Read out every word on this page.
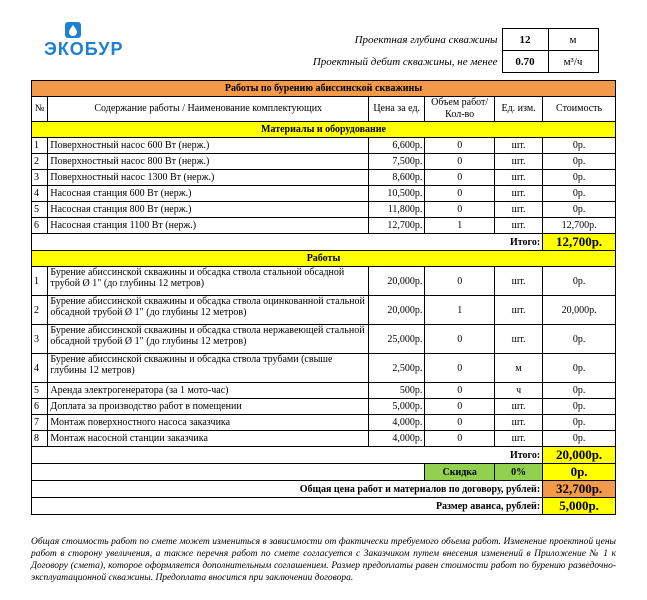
ЭКОБУР	Проектная глубина скважины	12	м
Проектный дебит скважины, не менее	0.70	м³/ч
Работы по бурению абиссинской скважины					
№	Содержание работы / Наименование комплектующих	Цена за ед.	Объем работ/ Кол-во	Ед. изм.	Стоимость
Материалы и оборудование					
1	Поверхностный насос 600 Вт (нерж.)	6,600р.	0	шт.	0р.
2	Поверхностный насос 800 Вт (нерж.)	7,500р.	0	шт.	0р.
3	Поверхностный насос 1300 Вт (нерж.)	8,600р.	0	шт.	0р.
4	Насосная станция 600 Вт (нерж.)	10,500р.	0	шт.	0р.
5	Насосная станция 800 Вт (нерж.)	11,800р.	0	шт.	0р.
6	Насосная станция 1100 Вт (нерж.)	12,700р.	1	шт.	12,700р.
Итого:					12,700р.
Работы					
1	Бурение абиссинской скважины и обсадка ствола стальной обсадной трубой Ø 1" (до глубины 12 метров)	20,000р.	0	шт.	0р.
2	Бурение абиссинской скважины и обсадка ствола оцинкованной стальной обсадной трубой Ø 1" (до глубины 12 метров)	20,000р.	1	шт.	20,000р.
3	Бурение абиссинской скважины и обсадка ствола нержавеющей стальной обсадной трубой Ø 1" (до глубины 12 метров)	25,000р.	0	шт.	0р.
4	Бурение абиссинской скважины и обсадка ствола трубами (свыше глубины 12 метров)	2,500р.	0	м	0р.
5	Аренда электрогенератора (за 1 мото-час)	500р.	0	ч	0р.
6	Доплата за производство работ в помещении	5,000р.	0	шт.	0р.
7	Монтаж поверхностного насоса заказчика	4,000р.	0	шт.	0р.
8	Монтаж насосной станции заказчика	4,000р.	0	шт.	0р.
Итого:					20,000р.
			Скидка	0%	0р.
Общая цена работ и материалов по договору, рублей:					32,700р.
Размер аванса, рублей:					5,000р.
Общая стоимость работ по смете может измениться в зависимости от фактически требуемого объема работ. Изменение проектной цены работ в сторону увеличения, а также перечня работ по смете согласуется с Заказчиком путем внесения изменений в Приложение № 1 к Договору (смета), которое оформляется дополнительным соглашением. Размер предоплаты равен стоимости работ по бурению разведочно-эксплуатационной скважины. Предоплата вносится при заключении договора.
